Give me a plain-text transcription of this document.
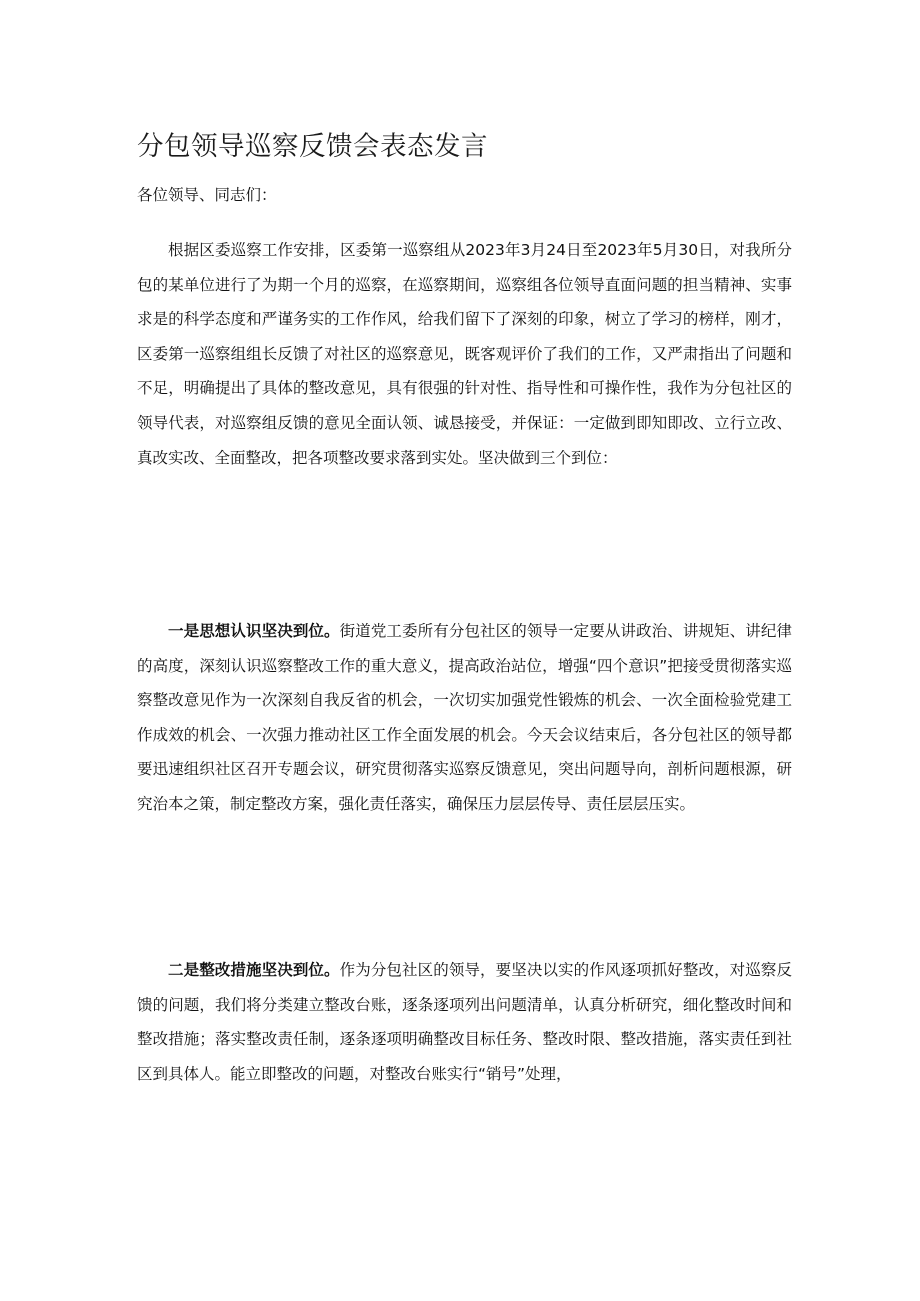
分包领导巡察反馈会表态发言

各位领导、同志们：

根据区委巡察工作安排，区委第一巡察组从2023年3月24日至2023年5月30日，对我所分包的某单位进行了为期一个月的巡察，在巡察期间，巡察组各位领导直面问题的担当精神、实事求是的科学态度和严谨务实的工作作风，给我们留下了深刻的印象，树立了学习的榜样，刚才，区委第一巡察组组长反馈了对社区的巡察意见，既客观评价了我们的工作，又严肃指出了问题和不足，明确提出了具体的整改意见，具有很强的针对性、指导性和可操作性，我作为分包社区的领导代表，对巡察组反馈的意见全面认领、诚恳接受，并保证：一定做到即知即改、立行立改、真改实改、全面整改，把各项整改要求落到实处。坚决做到三个到位：

一是思想认识坚决到位。街道党工委所有分包社区的领导一定要从讲政治、讲规矩、讲纪律的高度，深刻认识巡察整改工作的重大意义，提高政治站位，增强“四个意识”把接受贯彻落实巡察整改意见作为一次深刻自我反省的机会，一次切实加强党性锻炼的机会、一次全面检验党建工作成效的机会、一次强力推动社区工作全面发展的机会。今天会议结束后，各分包社区的领导都要迅速组织社区召开专题会议，研究贯彻落实巡察反馈意见，突出问题导向，剖析问题根源，研究治本之策，制定整改方案，强化责任落实，确保压力层层传导、责任层层压实。

二是整改措施坚决到位。作为分包社区的领导，要坚决以实的作风逐项抓好整改，对巡察反馈的问题，我们将分类建立整改台账，逐条逐项列出问题清单，认真分析研究，细化整改时间和整改措施；落实整改责任制，逐条逐项明确整改目标任务、整改时限、整改措施，落实责任到社区到具体人。能立即整改的问题，对整改台账实行“销号”处理，
